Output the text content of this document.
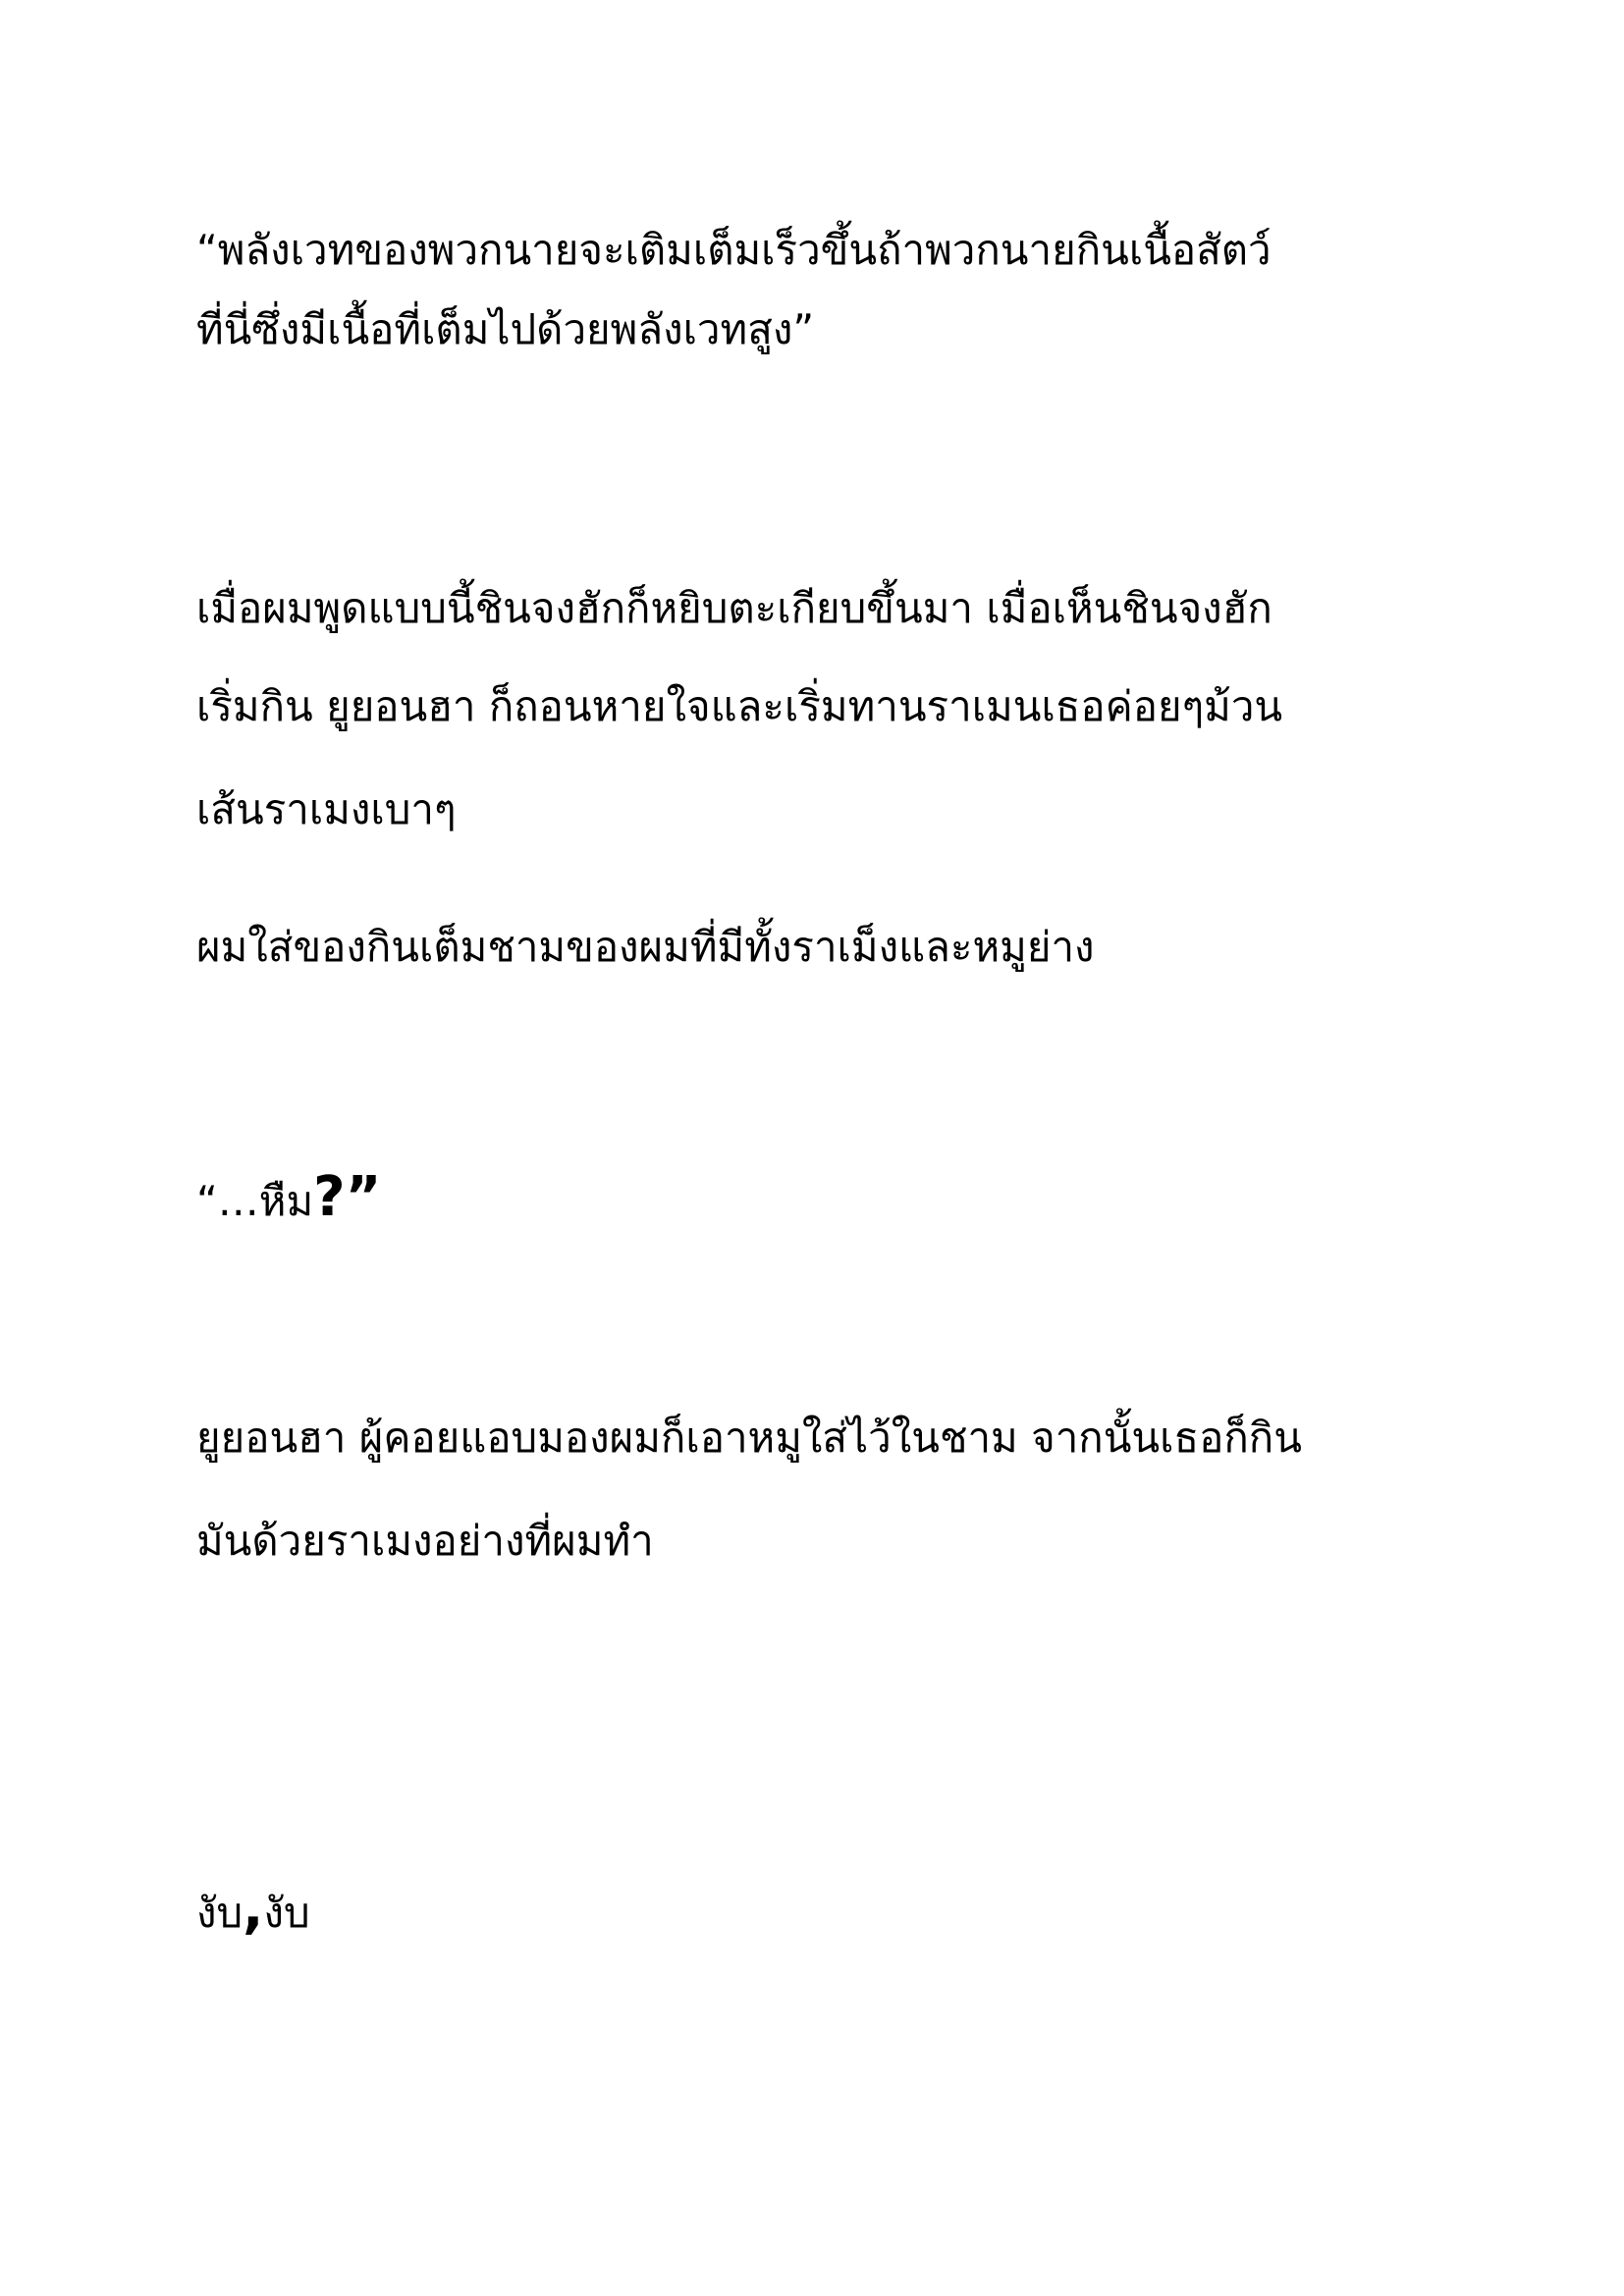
“พลังเวทของพวกนายจะเติมเต็มเร็วขึ้นถ้าพวกนายกินเนื้อสัตว์

ที่นี่ซึ่งมีเนื้อที่เต็มไปด้วยพลังเวทสูง”

เมื่อผมพูดแบบนี้ชินจงฮักก็หยิบตะเกียบขึ้นมา เมื่อเห็นชินจงฮัก

เริ่มกิน ยูยอนฮา ก็ถอนหายใจและเริ่มทานราเมนเธอค่อยๆม้วน

เส้นราเมงเบาๆ

ผมใส่ของกินเต็มชามของผมที่มีทั้งราเม็งและหมูย่าง

“…หืม?”

ยูยอนฮา ผู้คอยแอบมองผมก็เอาหมูใส่ไว้ในชาม จากนั้นเธอก็กิน

มันด้วยราเมงอย่างที่ผมทำ

งับ,งับ
